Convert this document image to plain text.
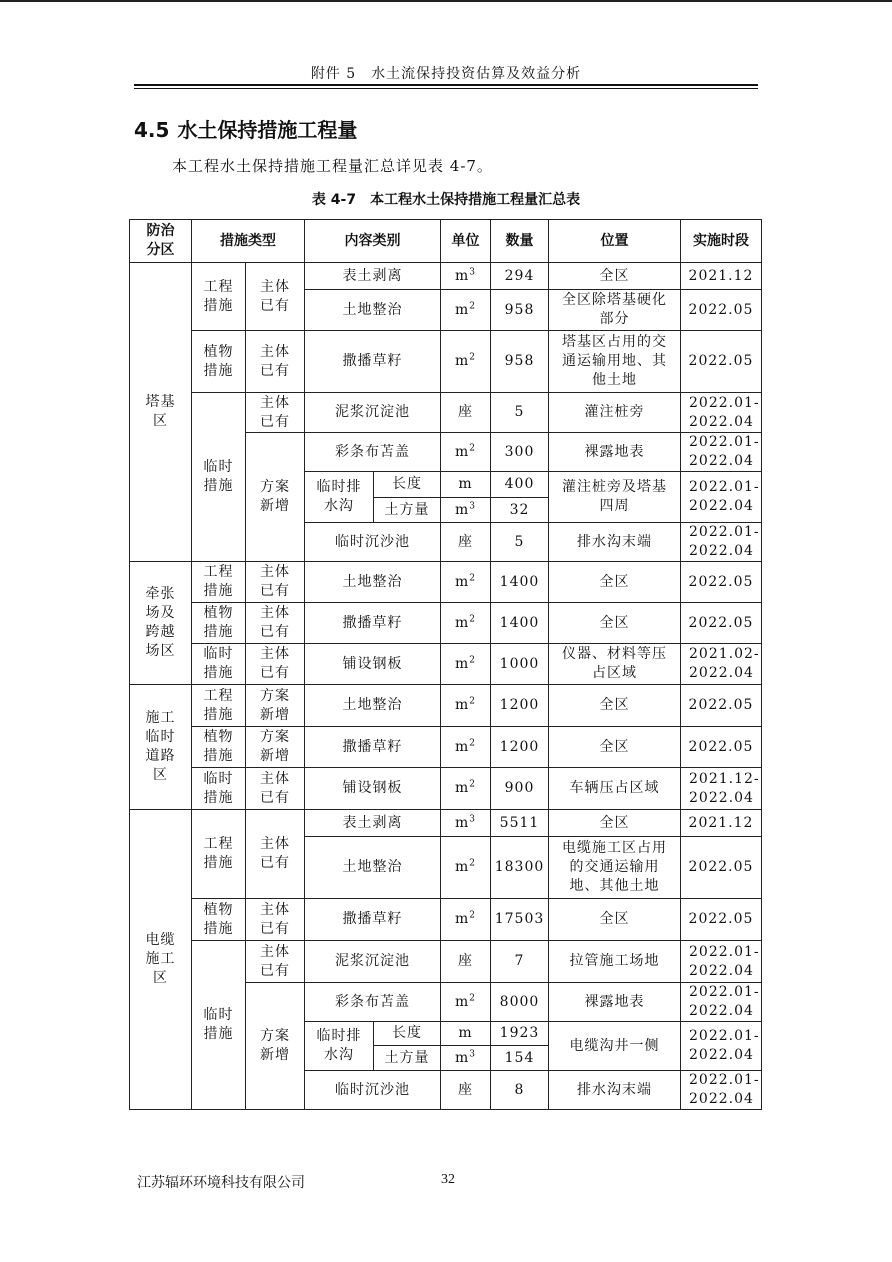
附件 5　水土流保持投资估算及效益分析
4.5 水土保持措施工程量
本工程水土保持措施工程量汇总详见表 4-7。
表 4-7 本工程水土保持措施工程量汇总表
防治分区	措施类型		内容类别		单位	数量	位置	实施时段
塔基区	工程措施	主体已有	表土剥离		$m^3$	294	全区	2021.12
			土地整治		$m^2$	958	全区除塔基硬化部分	2022.05
	植物措施	主体已有	撒播草籽		$m^2$	958	塔基区占用的交通运输用地、其他土地	2022.05
	临时措施	主体已有	泥浆沉淀池		座	5	灌注桩旁	2022.01-2022.04
		方案新增	彩条布苫盖		$m^2$	300	裸露地表	2022.01-2022.04
			临时排水沟	长度	m	400	灌注桩旁及塔基四周	2022.01-2022.04
				土方量	$m^3$	32		
			临时沉沙池		座	5	排水沟末端	2022.01-2022.04
牵张场及跨越场区	工程措施	主体已有	土地整治		$m^2$	1400	全区	2022.05
	植物措施	主体已有	撒播草籽		$m^2$	1400	全区	2022.05
	临时措施	主体已有	铺设钢板		$m^2$	1000	仪器、材料等压占区域	2021.02-2022.04
施工临时道路区	工程措施	方案新增	土地整治		$m^2$	1200	全区	2022.05
	植物措施	方案新增	撒播草籽		$m^2$	1200	全区	2022.05
	临时措施	主体已有	铺设钢板		$m^2$	900	车辆压占区域	2021.12-2022.04
电缆施工区	工程措施	主体已有	表土剥离		$m^3$	5511	全区	2021.12
			土地整治		$m^2$	18300	电缆施工区占用的交通运输用地、其他土地	2022.05
	植物措施	主体已有	撒播草籽		$m^2$	17503	全区	2022.05
	临时措施	主体已有	泥浆沉淀池		座	7	拉管施工场地	2022.01-2022.04
		方案新增	彩条布苫盖		$m^2$	8000	裸露地表	2022.01-2022.04
			临时排水沟	长度	m	1923	电缆沟井一侧	2022.01-2022.04
				土方量	$m^3$	154		
			临时沉沙池		座	8	排水沟末端	2022.01-2022.04
江苏辐环环境科技有限公司	32
